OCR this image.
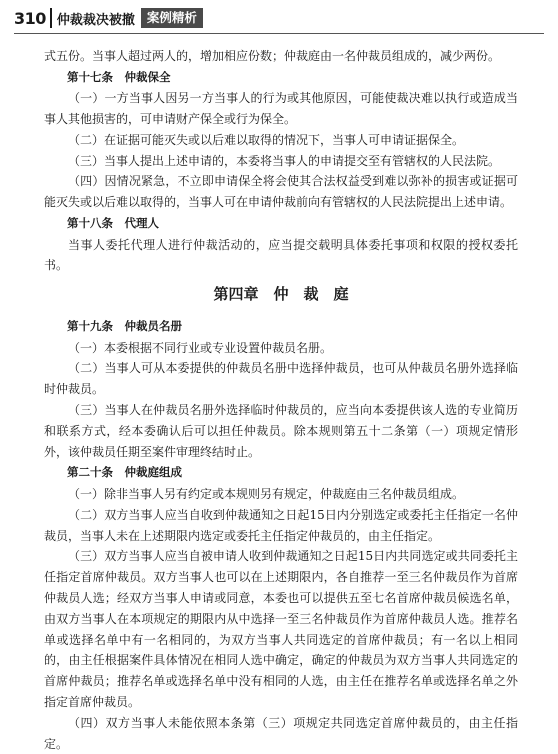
310 仲裁裁决被撤 案例精析

式五份。当事人超过两人的，增加相应份数；仲裁庭由一名仲裁员组成的，减少两份。

第十七条　仲裁保全

（一）一方当事人因另一方当事人的行为或其他原因，可能使裁决难以执行或造成当事人其他损害的，可申请财产保全或行为保全。

（二）在证据可能灭失或以后难以取得的情况下，当事人可申请证据保全。

（三）当事人提出上述申请的，本委将当事人的申请提交至有管辖权的人民法院。

（四）因情况紧急，不立即申请保全将会使其合法权益受到难以弥补的损害或证据可能灭失或以后难以取得的，当事人可在申请仲裁前向有管辖权的人民法院提出上述申请。

第十八条　代理人

当事人委托代理人进行仲裁活动的，应当提交载明具体委托事项和权限的授权委托书。

第四章　仲　裁　庭

第十九条　仲裁员名册

（一）本委根据不同行业或专业设置仲裁员名册。

（二）当事人可从本委提供的仲裁员名册中选择仲裁员，也可从仲裁员名册外选择临时仲裁员。

（三）当事人在仲裁员名册外选择临时仲裁员的，应当向本委提供该人选的专业简历和联系方式，经本委确认后可以担任仲裁员。除本规则第五十二条第（一）项规定情形外，该仲裁员任期至案件审理终结时止。

第二十条　仲裁庭组成

（一）除非当事人另有约定或本规则另有规定，仲裁庭由三名仲裁员组成。

（二）双方当事人应当自收到仲裁通知之日起15日内分别选定或委托主任指定一名仲裁员，当事人未在上述期限内选定或委托主任指定仲裁员的，由主任指定。

（三）双方当事人应当自被申请人收到仲裁通知之日起15日内共同选定或共同委托主任指定首席仲裁员。双方当事人也可以在上述期限内，各自推荐一至三名仲裁员作为首席仲裁员人选；经双方当事人申请或同意，本委也可以提供五至七名首席仲裁员候选名单，由双方当事人在本项规定的期限内从中选择一至三名仲裁员作为首席仲裁员人选。推荐名单或选择名单中有一名相同的，为双方当事人共同选定的首席仲裁员；有一名以上相同的，由主任根据案件具体情况在相同人选中确定，确定的仲裁员为双方当事人共同选定的首席仲裁员；推荐名单或选择名单中没有相同的人选，由主任在推荐名单或选择名单之外指定首席仲裁员。

（四）双方当事人未能依照本条第（三）项规定共同选定首席仲裁员的，由主任指定。
